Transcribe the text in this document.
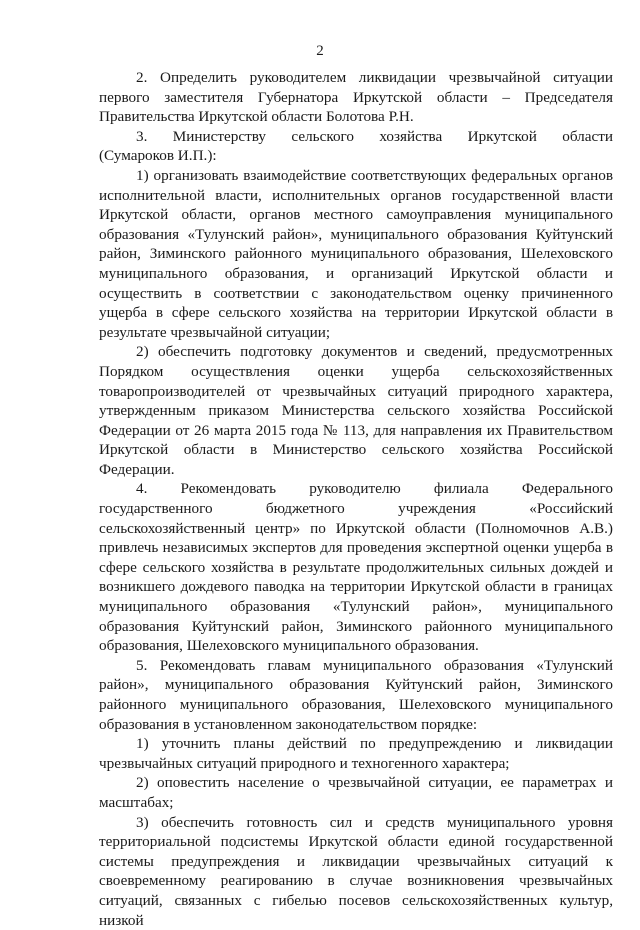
2

2. Определить руководителем ликвидации чрезвычайной ситуации первого заместителя Губернатора Иркутской области – Председателя Правительства Иркутской области Болотова Р.Н.

3. Министерству сельского хозяйства Иркутской области

(Сумароков И.П.):

1) организовать взаимодействие соответствующих федеральных органов исполнительной власти, исполнительных органов государственной власти Иркутской области, органов местного самоуправления муниципального образования «Тулунский район», муниципального образования Куйтунский район, Зиминского районного муниципального образования, Шелеховского муниципального образования, и организаций Иркутской области и осуществить в соответствии с законодательством оценку причиненного ущерба в сфере сельского хозяйства на территории Иркутской области в результате чрезвычайной ситуации;

2) обеспечить подготовку документов и сведений, предусмотренных Порядком осуществления оценки ущерба сельскохозяйственных товаропроизводителей от чрезвычайных ситуаций природного характера, утвержденным приказом Министерства сельского хозяйства Российской Федерации от 26 марта 2015 года № 113, для направления их Правительством Иркутской области в Министерство сельского хозяйства Российской Федерации.

4. Рекомендовать руководителю филиала Федерального государственного бюджетного учреждения «Российский сельскохозяйственный центр» по Иркутской области (Полномочнов А.В.) привлечь независимых экспертов для проведения экспертной оценки ущерба в сфере сельского хозяйства в результате продолжительных сильных дождей и возникшего дождевого паводка на территории Иркутской области в границах муниципального образования «Тулунский район», муниципального образования Куйтунский район, Зиминского районного муниципального образования, Шелеховского муниципального образования.

5. Рекомендовать главам муниципального образования «Тулунский район», муниципального образования Куйтунский район, Зиминского районного муниципального образования, Шелеховского муниципального образования в установленном законодательством порядке:

1) уточнить планы действий по предупреждению и ликвидации чрезвычайных ситуаций природного и техногенного характера;

2) оповестить население о чрезвычайной ситуации, ее параметрах и масштабах;

3) обеспечить готовность сил и средств муниципального уровня территориальной подсистемы Иркутской области единой государственной системы предупреждения и ликвидации чрезвычайных ситуаций к своевременному реагированию в случае возникновения чрезвычайных ситуаций, связанных с гибелью посевов сельскохозяйственных культур, низкой
